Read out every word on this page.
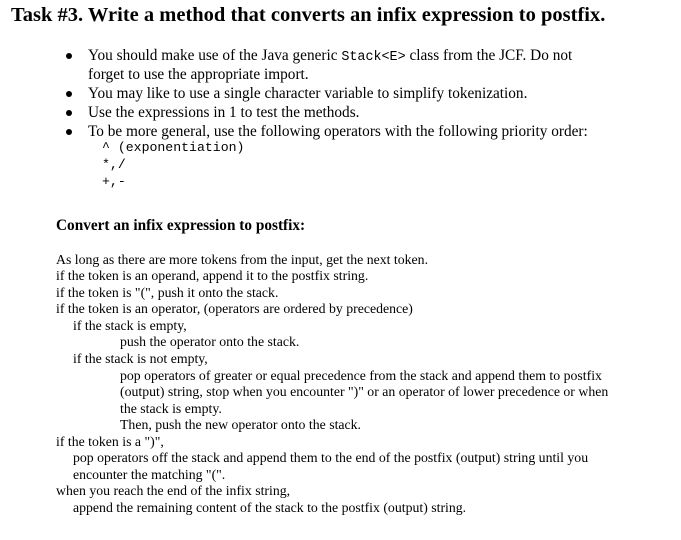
Task #3. Write a method that converts an infix expression to postfix.
You should make use of the Java generic Stack<E> class from the JCF. Do not
forget to use the appropriate import.
You may like to use a single character variable to simplify tokenization.
Use the expressions in 1 to test the methods.
To be more general, use the following operators with the following priority order:
^ (exponentiation)
*,/
+,-
Convert an infix expression to postfix:
As long as there are more tokens from the input, get the next token.
if the token is an operand, append it to the postfix string.
if the token is "(", push it onto the stack.
if the token is an operator, (operators are ordered by precedence)
if the stack is empty,
push the operator onto the stack.
if the stack is not empty,
pop operators of greater or equal precedence from the stack and append them to postfix
(output) string, stop when you encounter ")" or an operator of lower precedence or when
the stack is empty.
Then, push the new operator onto the stack.
if the token is a ")",
pop operators off the stack and append them to the end of the postfix (output) string until you
encounter the matching "(".
when you reach the end of the infix string,
append the remaining content of the stack to the postfix (output) string.
